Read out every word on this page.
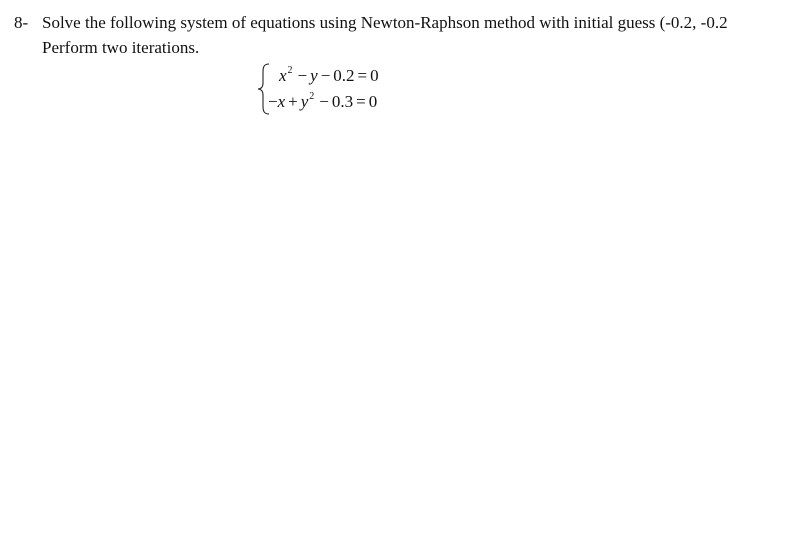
8- Solve the following system of equations using Newton-Raphson method with initial guess (-0.2, -0.2
Perform two iterations.
$x^2 - y - 0.2 = 0$
$-x + y^2 - 0.3 = 0$
